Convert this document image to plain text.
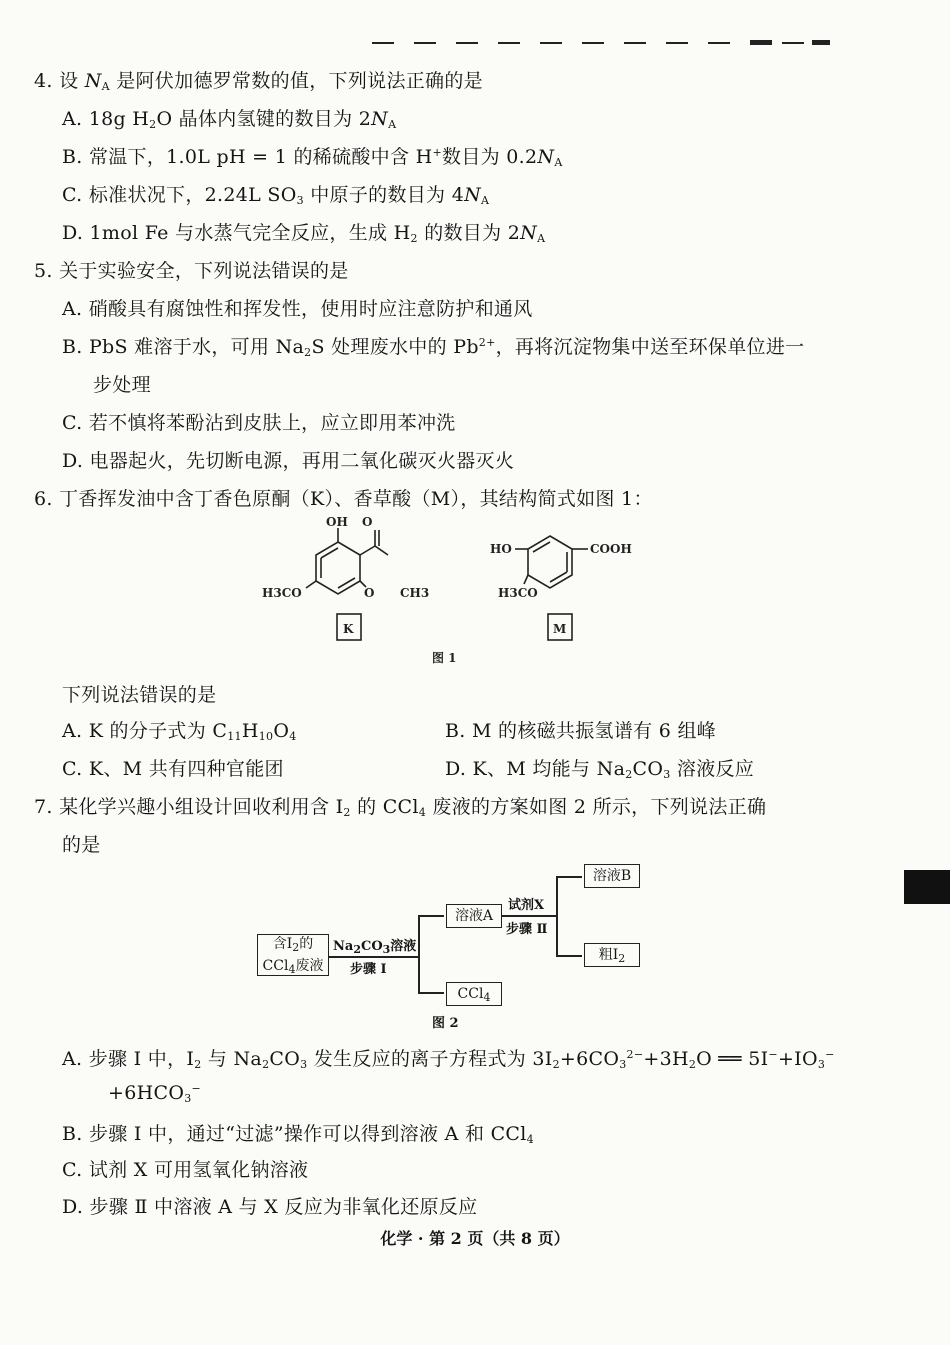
4. 设 $N_A$ 是阿伏加德罗常数的值，下列说法正确的是
A. 18g $H_2O$ 晶体内氢键的数目为 $2N_A$
B. 常温下，1.0L pH = 1 的稀硫酸中含 H+数目为 $0.2N_A$
C. 标准状况下，2.24L $SO_3$ 中原子的数目为 $4N_A$
D. 1mol Fe 与水蒸气完全反应，生成 $H_2$ 的数目为 $2N_A$
5. 关于实验安全，下列说法错误的是
A. 硝酸具有腐蚀性和挥发性，使用时应注意防护和通风
B. PbS 难溶于水，可用 $Na_2S$ 处理废水中的 $Pb^{2+}$，再将沉淀物集中送至环保单位进一
步处理
C. 若不慎将苯酚沾到皮肤上，应立即用苯冲洗
D. 电器起火，先切断电源，再用二氧化碳灭火器灭火
6. 丁香挥发油中含丁香色原酮（K）、香草酸（M），其结构简式如图 1：
OH O
O CH3
H3CO
K
HO	COOH
H3CO
M
图 1
下列说法错误的是
A. K 的分子式为 $C_{11}H_{10}O_4$	B. M 的核磁共振氢谱有 6 组峰
C. K、M 共有四种官能团	D. K、M 均能与 $Na_2CO_3$ 溶液反应
7. 某化学兴趣小组设计回收利用含 $I_2$ 的 CCl$_4$ 废液的方案如图 2 所示，下列说法正确
的是
含$I_2$的
CCl$_4$废液
$Na_2CO_3$溶液
步骤 Ⅰ
溶液A
CCl$_4$
试剂X
步骤 Ⅱ
溶液B
粗$I_2$
图 2
A. 步骤 Ⅰ 中，$I_2$ 与 $Na_2CO_3$ 发生反应的离子方程式为 $3I_2+6CO_3^{2-}+3H_2O$ ══ $5I^-+IO_3^-$
$+6HCO_3^-$
B. 步骤 Ⅰ 中，通过“过滤”操作可以得到溶液 A 和 CCl$_4$
C. 试剂 X 可用氢氧化钠溶液
D. 步骤 Ⅱ 中溶液 A 与 X 反应为非氧化还原反应
化学 · 第 2 页（共 8 页）
